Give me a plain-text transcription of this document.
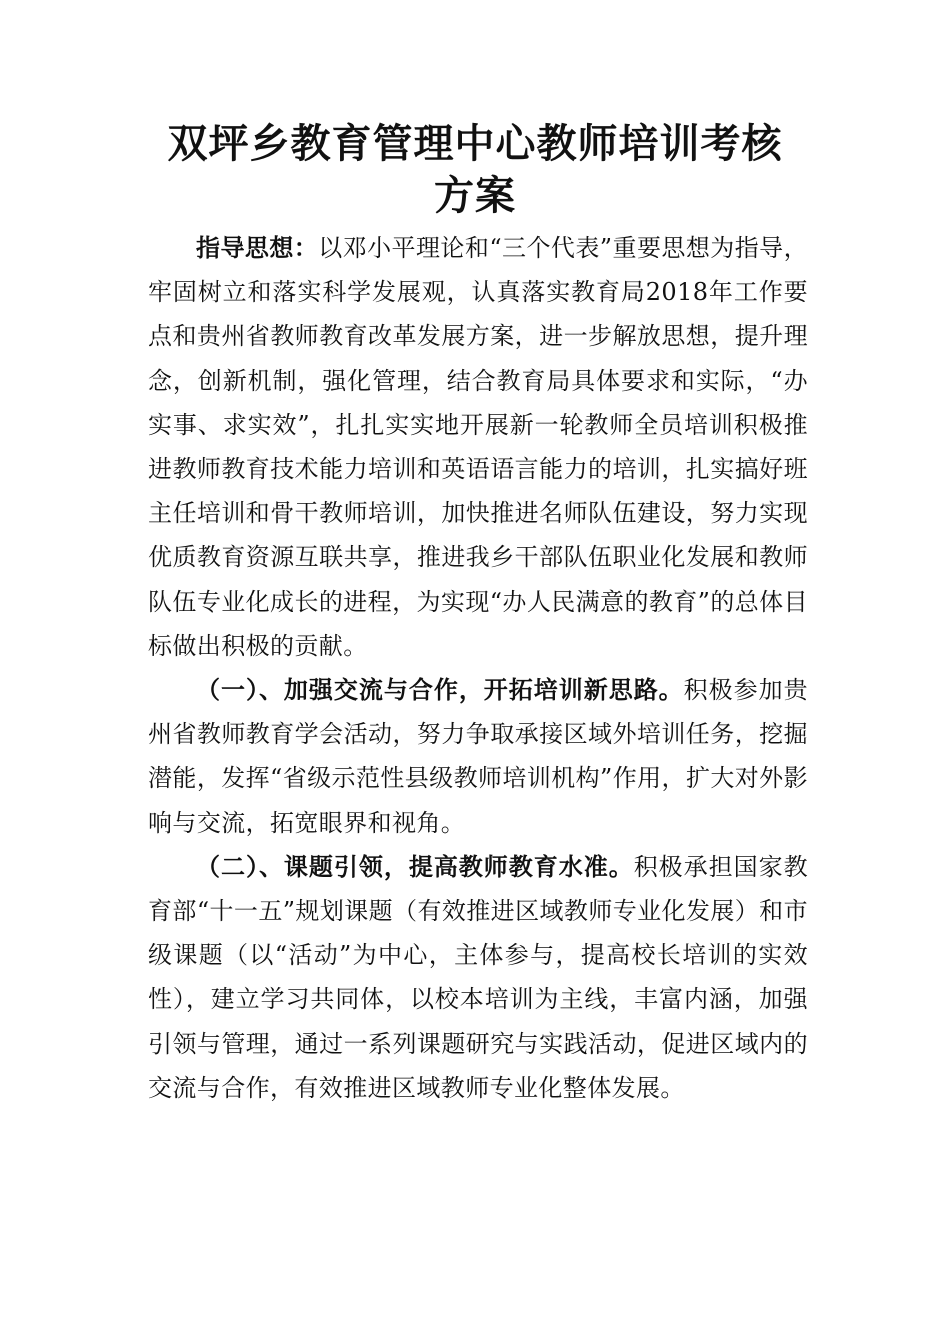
双坪乡教育管理中心教师培训考核
方案

指导思想：以邓小平理论和“三个代表”重要思想为指导，牢固树立和落实科学发展观，认真落实教育局2018年工作要点和贵州省教师教育改革发展方案，进一步解放思想，提升理念，创新机制，强化管理，结合教育局具体要求和实际，“办实事、求实效”，扎扎实实地开展新一轮教师全员培训积极推进教师教育技术能力培训和英语语言能力的培训，扎实搞好班主任培训和骨干教师培训，加快推进名师队伍建设，努力实现优质教育资源互联共享，推进我乡干部队伍职业化发展和教师队伍专业化成长的进程，为实现“办人民满意的教育”的总体目标做出积极的贡献。

（一）、加强交流与合作，开拓培训新思路。积极参加贵州省教师教育学会活动，努力争取承接区域外培训任务，挖掘潜能，发挥“省级示范性县级教师培训机构”作用，扩大对外影响与交流，拓宽眼界和视角。

（二）、课题引领，提高教师教育水准。积极承担国家教育部“十一五”规划课题（有效推进区域教师专业化发展）和市级课题（以“活动”为中心，主体参与，提高校长培训的实效性），建立学习共同体，以校本培训为主线，丰富内涵，加强引领与管理，通过一系列课题研究与实践活动，促进区域内的交流与合作，有效推进区域教师专业化整体发展。
